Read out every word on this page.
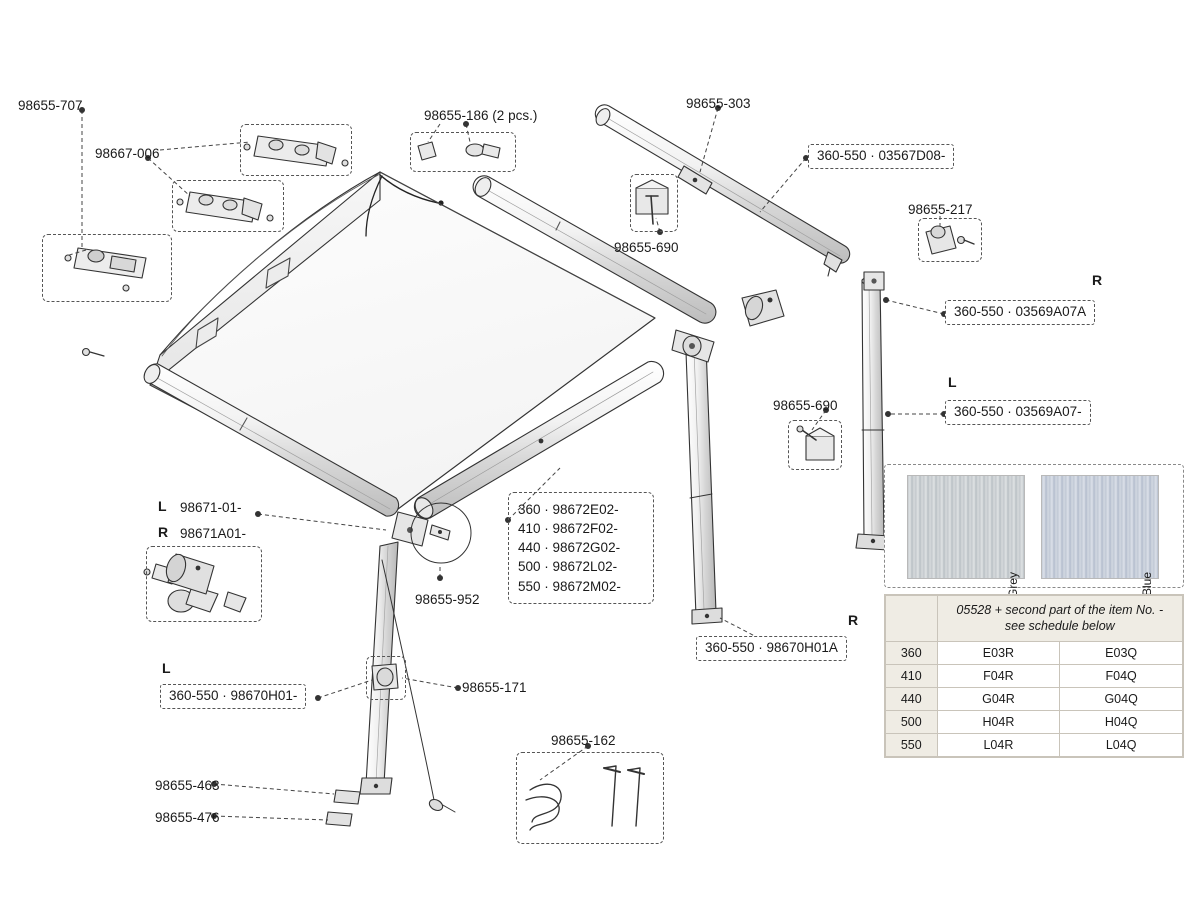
98655-707
98667-006
98655-186 (2 pcs.)
98655-303
360-550 · 03567D08-
98655-690
98655-217
360-550 · 03569A07A
360-550 · 03569A07-
98655-690
98671-01-
98671A01-
98655-952
360-550 · 98670H01-
98655-171
360-550 · 98670H01A
98655-162
98655-463
98655-476
360 · 98672E02-
410 · 98672F02-
440 · 98672G02-
500 · 98672L02-
550 · 98672M02-
R
L
L
R
R
L
	05528 + second part of the item No. - see schedule below	
360	E03R	E03Q
410	F04R	F04Q
440	G04R	G04Q
500	H04R	H04Q
550	L04R	L04Q
